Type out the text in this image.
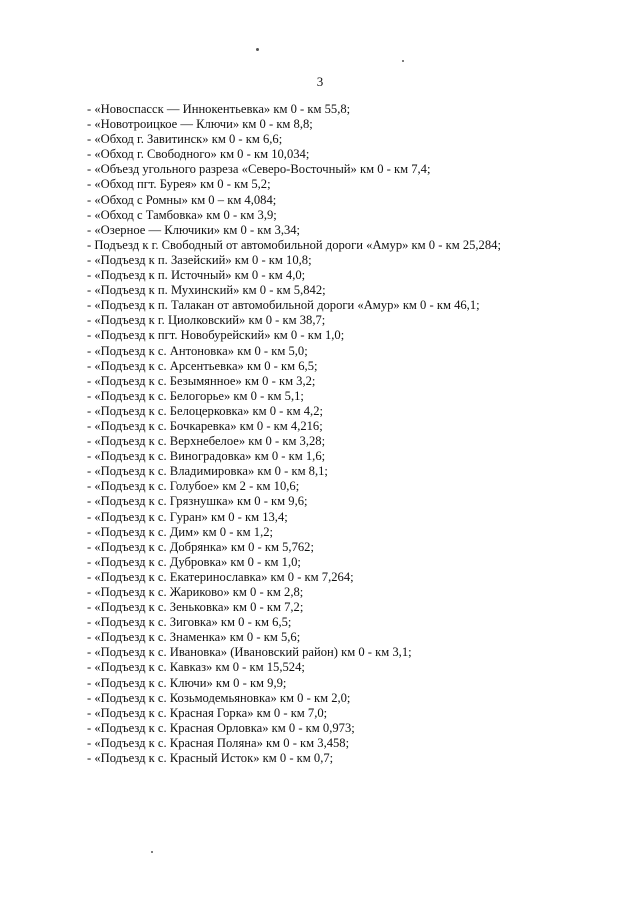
3
- «Новоспасск — Иннокентьевка» км 0 - км 55,8;
- «Новотроицкое — Ключи» км 0 - км 8,8;
- «Обход г. Завитинск» км 0 - км 6,6;
- «Обход г. Свободного» км 0 - км 10,034;
- «Объезд угольного разреза «Северо-Восточный» км 0 - км 7,4;
- «Обход пгт. Бурея» км 0 - км 5,2;
- «Обход с Ромны» км 0 – км 4,084;
- «Обход с Тамбовка» км 0 - км 3,9;
- «Озерное — Ключики» км 0 - км 3,34;
- Подъезд к г. Свободный от автомобильной дороги «Амур» км 0 - км 25,284;
- «Подъезд к п. Зазейский» км 0 - км 10,8;
- «Подъезд к п. Источный» км 0 - км 4,0;
- «Подъезд к п. Мухинский» км 0 - км 5,842;
- «Подъезд к п. Талакан от автомобильной дороги «Амур» км 0 - км 46,1;
- «Подъезд к г. Циолковский» км 0 - км 38,7;
- «Подъезд к пгт. Новобурейский» км 0 - км 1,0;
- «Подъезд к с. Антоновка» км 0 - км 5,0;
- «Подъезд к с. Арсентьевка» км 0 - км 6,5;
- «Подъезд к с. Безымянное» км 0 - км 3,2;
- «Подъезд к с. Белогорье» км 0 - км 5,1;
- «Подъезд к с. Белоцерковка» км 0 - км 4,2;
- «Подъезд к с. Бочкаревка» км 0 - км 4,216;
- «Подъезд к с. Верхнебелое» км 0 - км 3,28;
- «Подъезд к с. Виноградовка» км 0 - км 1,6;
- «Подъезд к с. Владимировка» км 0 - км 8,1;
- «Подъезд к с. Голубое» км 2 - км 10,6;
- «Подъезд к с. Грязнушка» км 0 - км 9,6;
- «Подъезд к с. Гуран» км 0 - км 13,4;
- «Подъезд к с. Дим» км 0 - км 1,2;
- «Подъезд к с. Добрянка» км 0 - км 5,762;
- «Подъезд к с. Дубровка» км 0 - км 1,0;
- «Подъезд к с. Екатеринославка» км 0 - км 7,264;
- «Подъезд к с. Жариково» км 0 - км 2,8;
- «Подъезд к с. Зеньковка» км 0 - км 7,2;
- «Подъезд к с. Зиговка» км 0 - км 6,5;
- «Подъезд к с. Знаменка» км 0 - км 5,6;
- «Подъезд к с. Ивановка» (Ивановский район) км 0 - км 3,1;
- «Подъезд к с. Кавказ» км 0 - км 15,524;
- «Подъезд к с. Ключи» км 0 - км 9,9;
- «Подъезд к с. Козьмодемьяновка» км 0 - км 2,0;
- «Подъезд к с. Красная Горка» км 0 - км 7,0;
- «Подъезд к с. Красная Орловка» км 0 - км 0,973;
- «Подъезд к с. Красная Поляна» км 0 - км 3,458;
- «Подъезд к с. Красный Исток» км 0 - км 0,7;
